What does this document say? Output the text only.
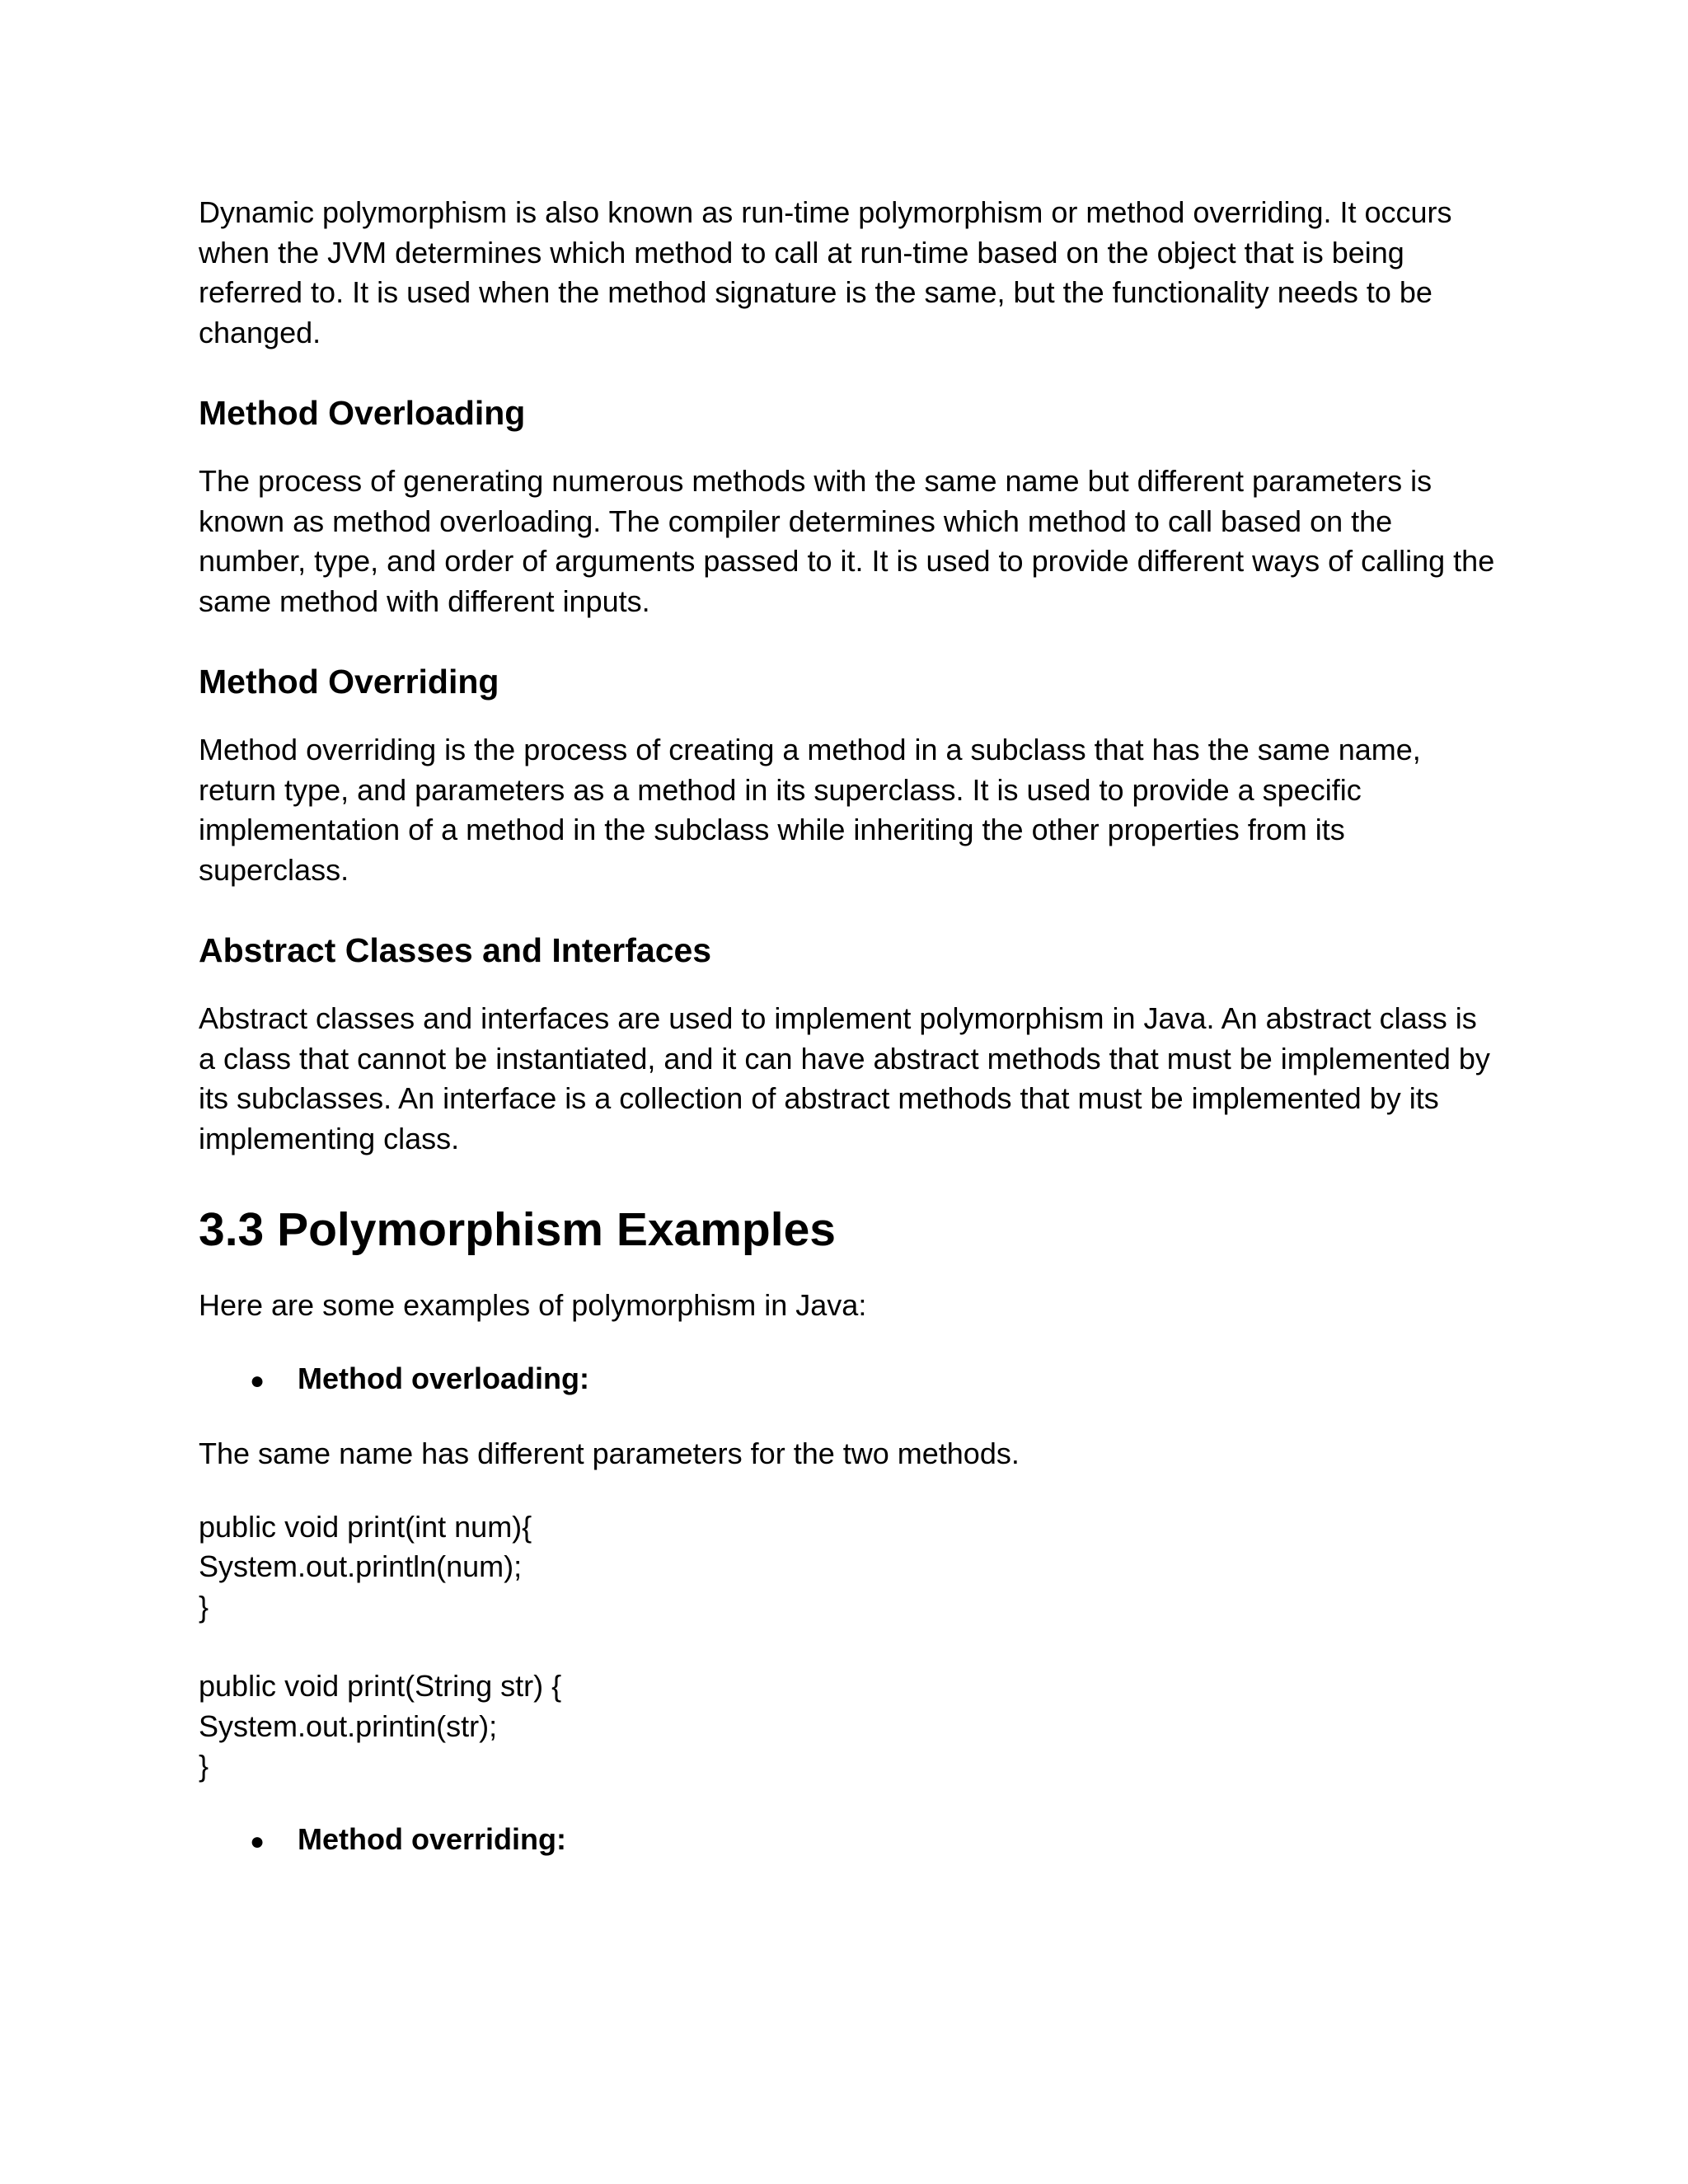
Dynamic polymorphism is also known as run-time polymorphism or method overriding. It occurs when the JVM determines which method to call at run-time based on the object that is being referred to. It is used when the method signature is the same, but the functionality needs to be changed.

Method Overloading

The process of generating numerous methods with the same name but different parameters is known as method overloading. The compiler determines which method to call based on the number, type, and order of arguments passed to it. It is used to provide different ways of calling the same method with different inputs.

Method Overriding

Method overriding is the process of creating a method in a subclass that has the same name, return type, and parameters as a method in its superclass. It is used to provide a specific implementation of a method in the subclass while inheriting the other properties from its superclass.

Abstract Classes and Interfaces

Abstract classes and interfaces are used to implement polymorphism in Java. An abstract class is a class that cannot be instantiated, and it can have abstract methods that must be implemented by its subclasses. An interface is a collection of abstract methods that must be implemented by its implementing class.

3.3 Polymorphism Examples

Here are some examples of polymorphism in Java:

●	Method overloading:

The same name has different parameters for the two methods.

public void print(int num){
System.out.println(num);
}
public void print(String str) {
System.out.printin(str);
}
●	Method overriding:
